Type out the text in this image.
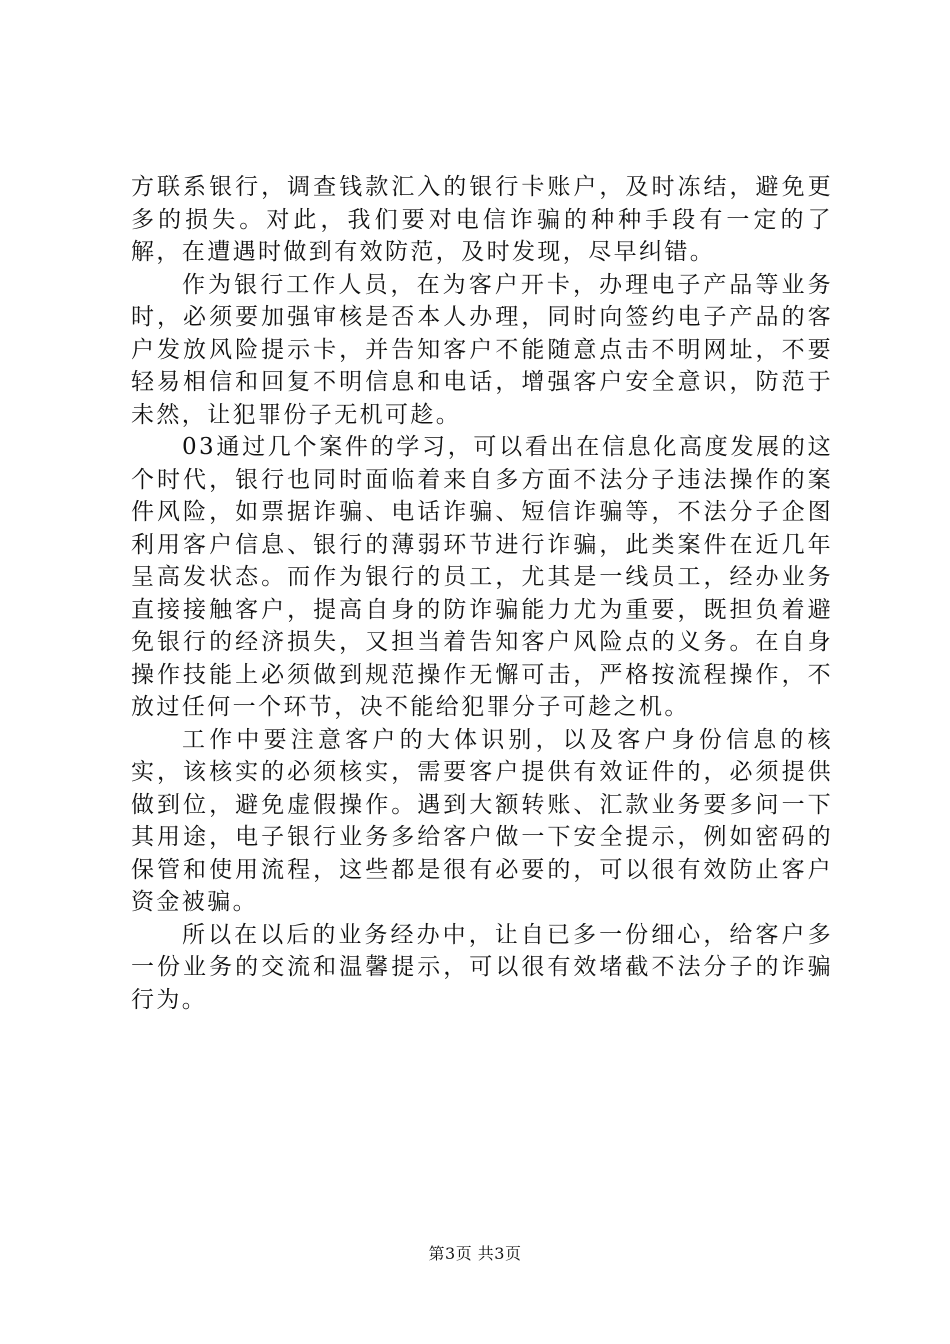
方联系银行，调查钱款汇入的银行卡账户，及时冻结，避免更多的损失。对此，我们要对电信诈骗的种种手段有一定的了解，在遭遇时做到有效防范，及时发现，尽早纠错。

作为银行工作人员，在为客户开卡，办理电子产品等业务时，必须要加强审核是否本人办理，同时向签约电子产品的客户发放风险提示卡，并告知客户不能随意点击不明网址，不要轻易相信和回复不明信息和电话，增强客户安全意识，防范于未然，让犯罪份子无机可趁。

03通过几个案件的学习，可以看出在信息化高度发展的这个时代，银行也同时面临着来自多方面不法分子违法操作的案件风险，如票据诈骗、电话诈骗、短信诈骗等，不法分子企图利用客户信息、银行的薄弱环节进行诈骗，此类案件在近几年呈高发状态。而作为银行的员工，尤其是一线员工，经办业务直接接触客户，提高自身的防诈骗能力尤为重要，既担负着避免银行的经济损失，又担当着告知客户风险点的义务。在自身操作技能上必须做到规范操作无懈可击，严格按流程操作，不放过任何一个环节，决不能给犯罪分子可趁之机。

工作中要注意客户的大体识别，以及客户身份信息的核实，该核实的必须核实，需要客户提供有效证件的，必须提供做到位，避免虚假操作。遇到大额转账、汇款业务要多问一下其用途，电子银行业务多给客户做一下安全提示，例如密码的保管和使用流程，这些都是很有必要的，可以很有效防止客户资金被骗。

所以在以后的业务经办中，让自已多一份细心，给客户多一份业务的交流和温馨提示，可以很有效堵截不法分子的诈骗行为。

第3页 共3页
